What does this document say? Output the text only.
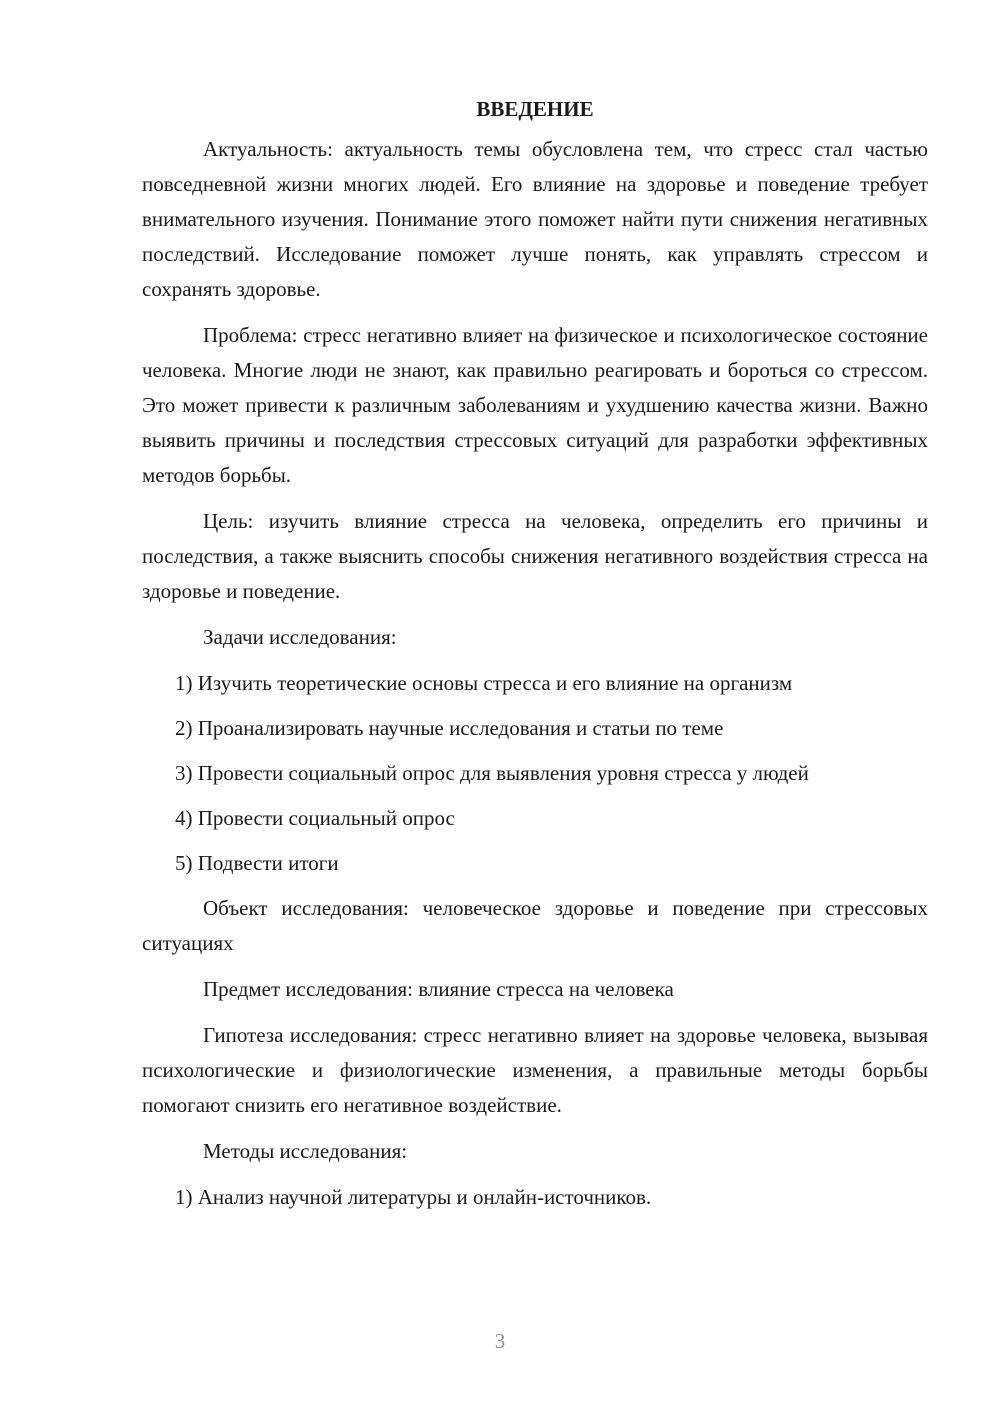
ВВЕДЕНИЕ

Актуальность: актуальность темы обусловлена тем, что стресс стал частью повседневной жизни многих людей. Его влияние на здоровье и поведение требует внимательного изучения. Понимание этого поможет найти пути снижения негативных последствий. Исследование поможет лучше понять, как управлять стрессом и сохранять здоровье.

Проблема: стресс негативно влияет на физическое и психологическое состояние человека. Многие люди не знают, как правильно реагировать и бороться со стрессом. Это может привести к различным заболеваниям и ухудшению качества жизни. Важно выявить причины и последствия стрессовых ситуаций для разработки эффективных методов борьбы.

Цель: изучить влияние стресса на человека, определить его причины и последствия, а также выяснить способы снижения негативного воздействия стресса на здоровье и поведение.

Задачи исследования:

1) Изучить теоретические основы стресса и его влияние на организм
2) Проанализировать научные исследования и статьи по теме
3) Провести социальный опрос для выявления уровня стресса у людей
4) Провести социальный опрос
5) Подвести итоги

Объект исследования: человеческое здоровье и поведение при стрессовых ситуациях

Предмет исследования: влияние стресса на человека

Гипотеза исследования: стресс негативно влияет на здоровье человека, вызывая психологические и физиологические изменения, а правильные методы борьбы помогают снизить его негативное воздействие.

Методы исследования:

1) Анализ научной литературы и онлайн-источников.
3
